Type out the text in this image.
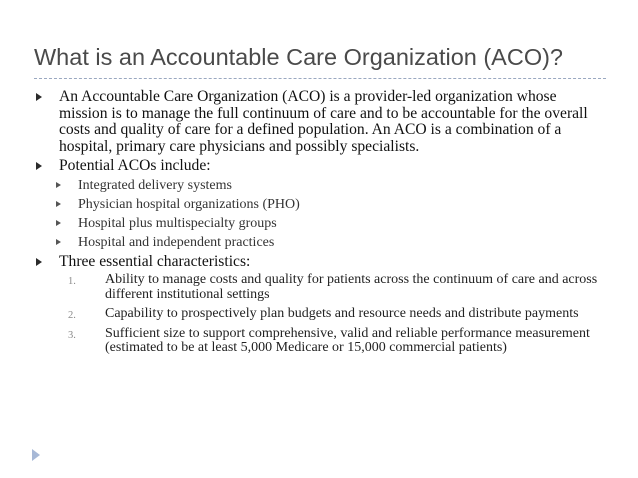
What is an Accountable Care Organization (ACO)?
An Accountable Care Organization (ACO) is a provider-led organization whose mission is to manage the full continuum of care and to be accountable for the overall costs and quality of care for a defined population. An ACO is a combination of a hospital, primary care physicians and possibly specialists.
Potential ACOs include:
Integrated delivery systems
Physician hospital organizations (PHO)
Hospital plus multispecialty groups
Hospital and independent practices
Three essential characteristics:
1. Ability to manage costs and quality for patients across the continuum of care and across different institutional settings
2. Capability to prospectively plan budgets and resource needs and distribute payments
3. Sufficient size to support comprehensive, valid and reliable performance measurement (estimated to be at least 5,000 Medicare or 15,000 commercial patients)
